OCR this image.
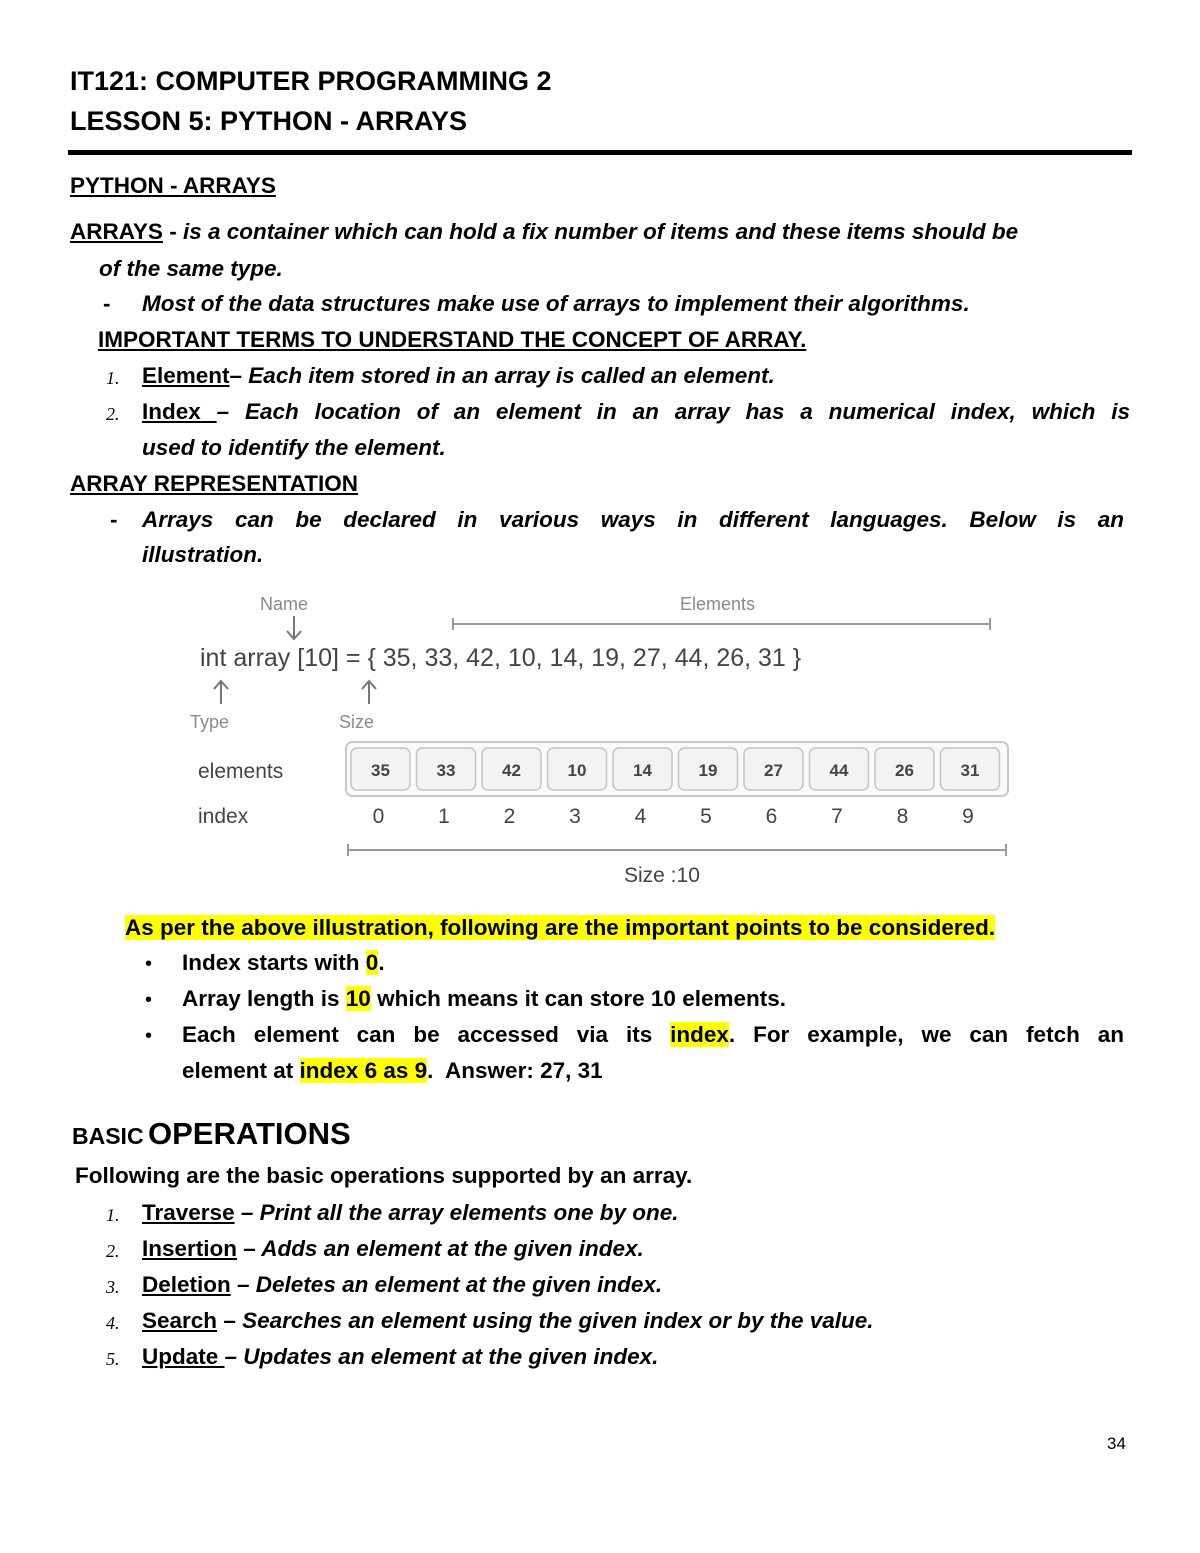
IT121: COMPUTER PROGRAMMING 2
LESSON 5: PYTHON - ARRAYS
PYTHON - ARRAYS
ARRAYS - is a container which can hold a fix number of items and these items should be
of the same type.
- Most of the data structures make use of arrays to implement their algorithms.
IMPORTANT TERMS TO UNDERSTAND THE CONCEPT OF ARRAY.
1. Element– Each item stored in an array is called an element.
2. Index – Each location of an element in an array has a numerical index, which is
used to identify the element.
ARRAY REPRESENTATION
- Arrays can be declared in various ways in different languages. Below is an
illustration.
Name	Elements
int array [10] = { 35, 33, 42, 10, 14, 19, 27, 44, 26, 31 }
Type	Size
elements
index
35
0
33
1
42
2
10
3
14
4
19
5
27
6
44
7
26
8
31
9
Size :10
As per the above illustration, following are the important points to be considered.
• Index starts with 0.
• Array length is 10 which means it can store 10 elements.
• Each element can be accessed via its index. For example, we can fetch an
element at index 6 as 9.  Answer: 27, 31
BASIC OPERATIONS
Following are the basic operations supported by an array.
1. Traverse – Print all the array elements one by one.
2. Insertion – Adds an element at the given index.
3. Deletion – Deletes an element at the given index.
4. Search – Searches an element using the given index or by the value.
5. Update – Updates an element at the given index.
34
